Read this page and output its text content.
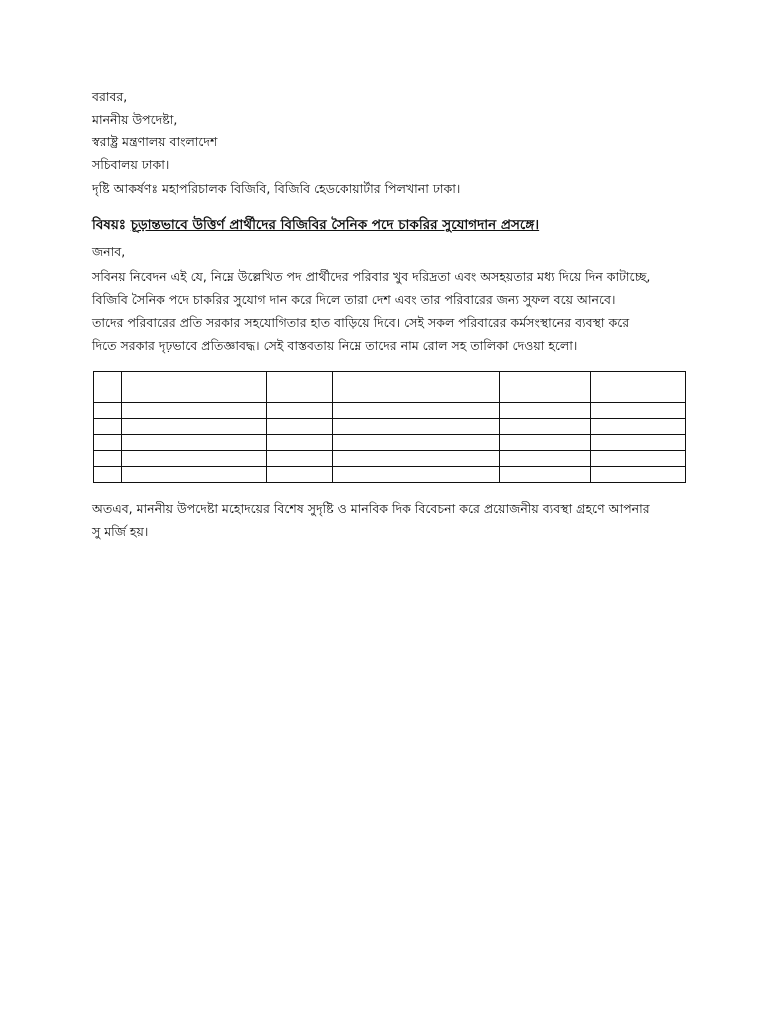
বরাবর,
মাননীয় উপদেষ্টা,
স্বরাষ্ট্র মন্ত্রণালয় বাংলাদেশ
সচিবালয় ঢাকা।
দৃষ্টি আকর্ষণঃ মহাপরিচালক বিজিবি, বিজিবি হেডকোয়ার্টার পিলখানা ঢাকা।
বিষয়ঃ চূড়ান্তভাবে উত্তির্ণ প্রার্থীদের বিজিবির সৈনিক পদে চাকরির সুযোগদান প্রসঙ্গে।
জনাব,
সবিনয় নিবেদন এই যে, নিম্নে উল্লেখিত পদ প্রার্থীদের পরিবার খুব দরিদ্রতা এবং অসহয়তার মধ্য দিয়ে দিন কাটাচ্ছে,
বিজিবি সৈনিক পদে চাকরির সুযোগ দান করে দিলে তারা দেশ এবং তার পরিবারের জন্য সুফল বয়ে আনবে।
তাদের পরিবারের প্রতি সরকার সহযোগিতার হাত বাড়িয়ে দিবে। সেই সকল পরিবারের কর্মসংস্থানের ব্যবস্থা করে
দিতে সরকার দৃঢ়ভাবে প্রতিজ্ঞাবদ্ধ। সেই বাস্তবতায় নিম্নে তাদের নাম রোল সহ তালিকা দেওয়া হলো।

অতএব, মাননীয় উপদেষ্টা মহোদয়ের বিশেষ সুদৃষ্টি ও মানবিক দিক বিবেচনা করে প্রয়োজনীয় ব্যবস্থা গ্রহণে আপনার
সু মর্জি হয়।
